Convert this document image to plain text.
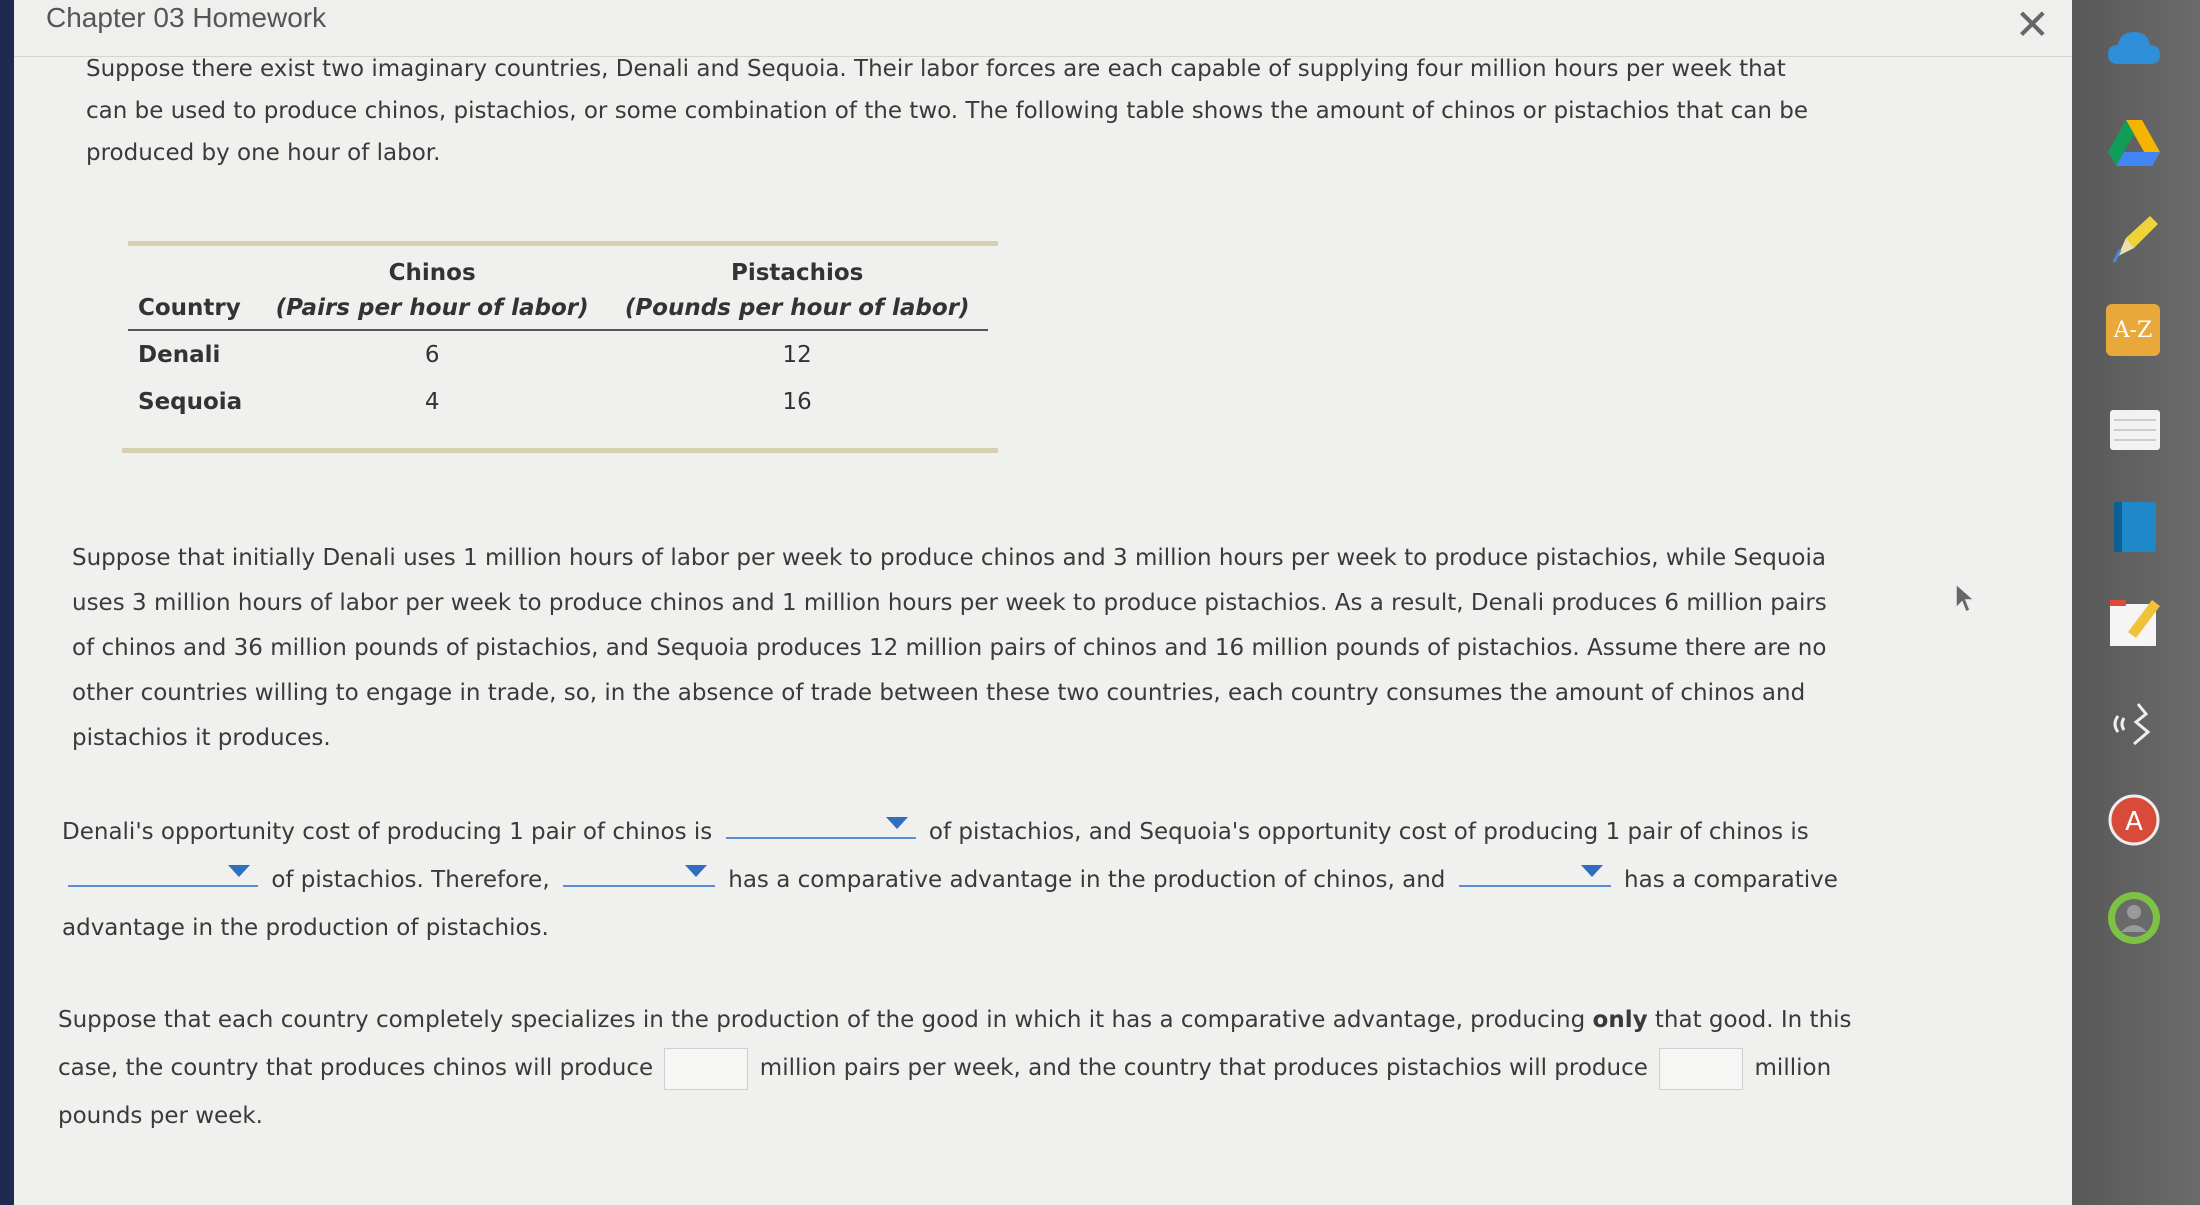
Chapter 03 Homework	✕
Suppose there exist two imaginary countries, Denali and Sequoia. Their labor forces are each capable of supplying four million hours per week that can be used to produce chinos, pistachios, or some combination of the two. The following table shows the amount of chinos or pistachios that can be produced by one hour of labor.
	Chinos	Pistachios
Country	(Pairs per hour of labor)	(Pounds per hour of labor)
Denali	6	12
Sequoia	4	16
Suppose that initially Denali uses 1 million hours of labor per week to produce chinos and 3 million hours per week to produce pistachios, while Sequoia uses 3 million hours of labor per week to produce chinos and 1 million hours per week to produce pistachios. As a result, Denali produces 6 million pairs of chinos and 36 million pounds of pistachios, and Sequoia produces 12 million pairs of chinos and 16 million pounds of pistachios. Assume there are no other countries willing to engage in trade, so, in the absence of trade between these two countries, each country consumes the amount of chinos and pistachios it produces.
Denali's opportunity cost of producing 1 pair of chinos is	of pistachios, and Sequoia's opportunity cost of producing 1 pair of chinos is
of pistachios. Therefore,	has a comparative advantage in the production of chinos, and	has a comparative advantage in the production of pistachios.
Suppose that each country completely specializes in the production of the good in which it has a comparative advantage, producing only that good. In this case, the country that produces chinos will produce	million pairs per week, and the country that produces pistachios will produce	million pounds per week.
A-Z
A
